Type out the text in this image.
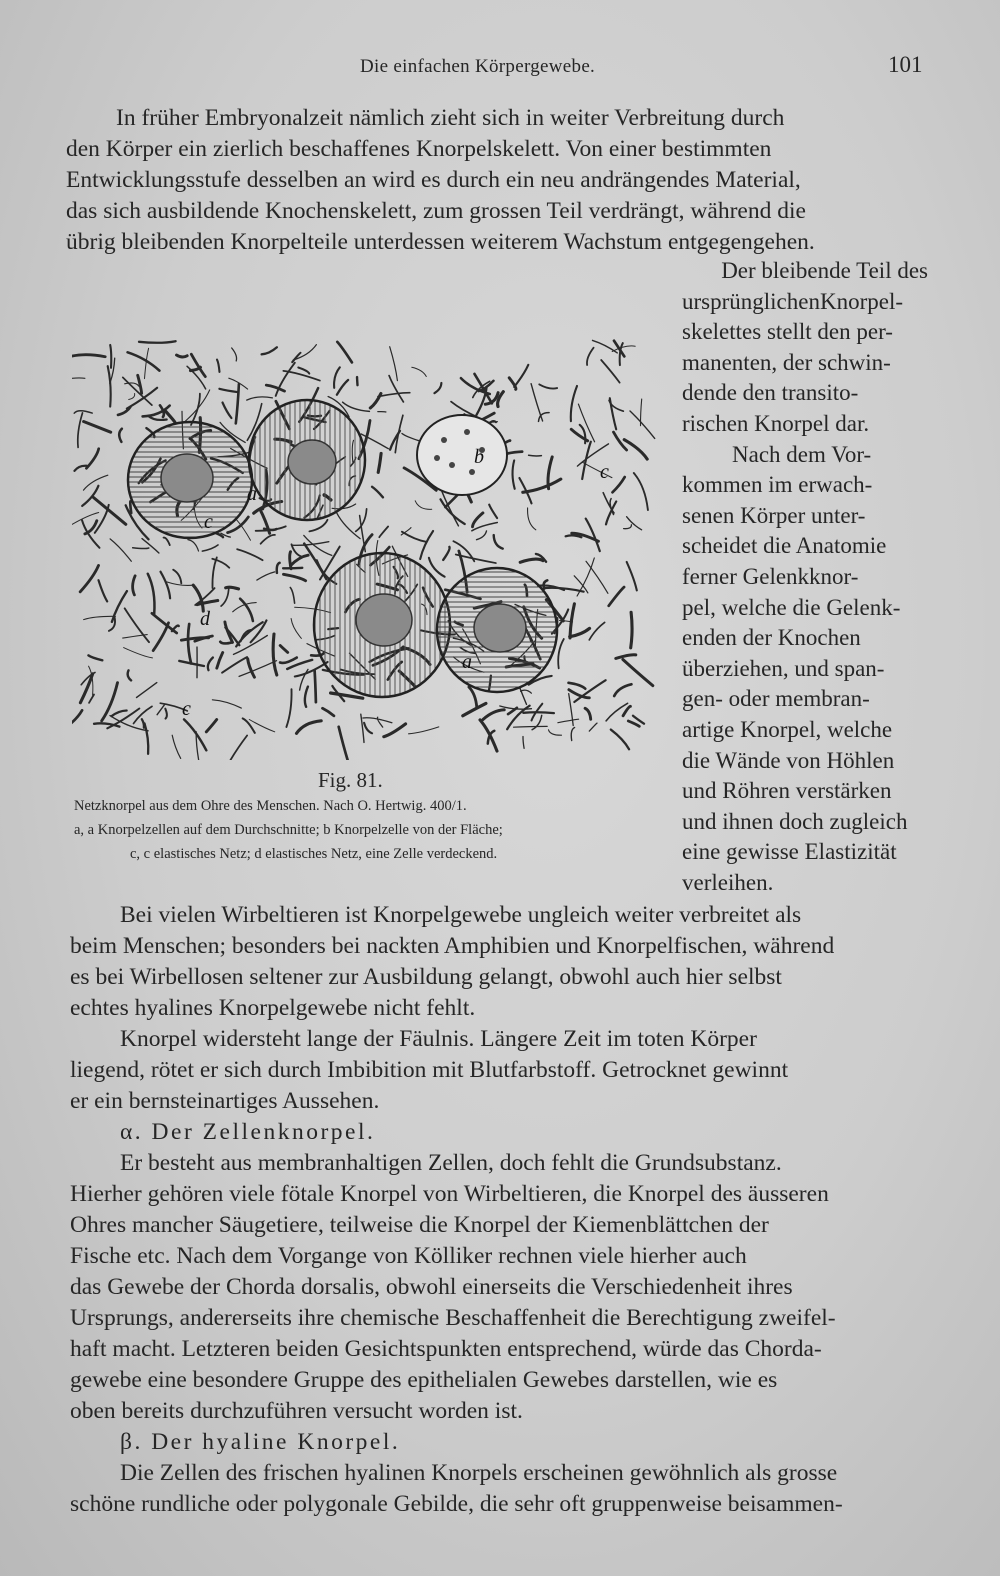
Die einfachen Körpergewebe.	101
In früher Embryonalzeit nämlich zieht sich in weiter Verbreitung durch
den Körper ein zierlich beschaffenes Knorpelskelett. Von einer bestimmten
Entwicklungsstufe desselben an wird es durch ein neu andrängendes Material,
das sich ausbildende Knochenskelett, zum grossen Teil verdrängt, während die
übrig bleibenden Knorpelteile unterdessen weiterem Wachstum entgegengehen.
a
a
b
c
c
c
d
Der bleibende Teil des
ursprünglichenKnorpel-
skelettes stellt den per-
manenten, der schwin-
dende den transito-
rischen Knorpel dar.
Nach dem Vor-
kommen im erwach-
senen Körper unter-
scheidet die Anatomie
ferner Gelenkknor-
pel, welche die Gelenk-
enden der Knochen
überziehen, und span-
gen- oder membran-
artige Knorpel, welche
die Wände von Höhlen
und Röhren verstärken
und ihnen doch zugleich
eine gewisse Elastizität
verleihen.
Fig. 81.
Netzknorpel aus dem Ohre des Menschen. Nach O. Hertwig. 400/1.
a, a Knorpelzellen auf dem Durchschnitte; b Knorpelzelle von der Fläche;
c, c elastisches Netz; d elastisches Netz, eine Zelle verdeckend.
Bei vielen Wirbeltieren ist Knorpelgewebe ungleich weiter verbreitet als
beim Menschen; besonders bei nackten Amphibien und Knorpelfischen, während
es bei Wirbellosen seltener zur Ausbildung gelangt, obwohl auch hier selbst
echtes hyalines Knorpelgewebe nicht fehlt.
Knorpel widersteht lange der Fäulnis. Längere Zeit im toten Körper
liegend, rötet er sich durch Imbibition mit Blutfarbstoff. Getrocknet gewinnt
er ein bernsteinartiges Aussehen.
α. Der Zellenknorpel.
Er besteht aus membranhaltigen Zellen, doch fehlt die Grundsubstanz.
Hierher gehören viele fötale Knorpel von Wirbeltieren, die Knorpel des äusseren
Ohres mancher Säugetiere, teilweise die Knorpel der Kiemenblättchen der
Fische etc. Nach dem Vorgange von Kölliker rechnen viele hierher auch
das Gewebe der Chorda dorsalis, obwohl einerseits die Verschiedenheit ihres
Ursprungs, andererseits ihre chemische Beschaffenheit die Berechtigung zweifel-
haft macht. Letzteren beiden Gesichtspunkten entsprechend, würde das Chorda-
gewebe eine besondere Gruppe des epithelialen Gewebes darstellen, wie es
oben bereits durchzuführen versucht worden ist.
β. Der hyaline Knorpel.
Die Zellen des frischen hyalinen Knorpels erscheinen gewöhnlich als grosse
schöne rundliche oder polygonale Gebilde, die sehr oft gruppenweise beisammen-
